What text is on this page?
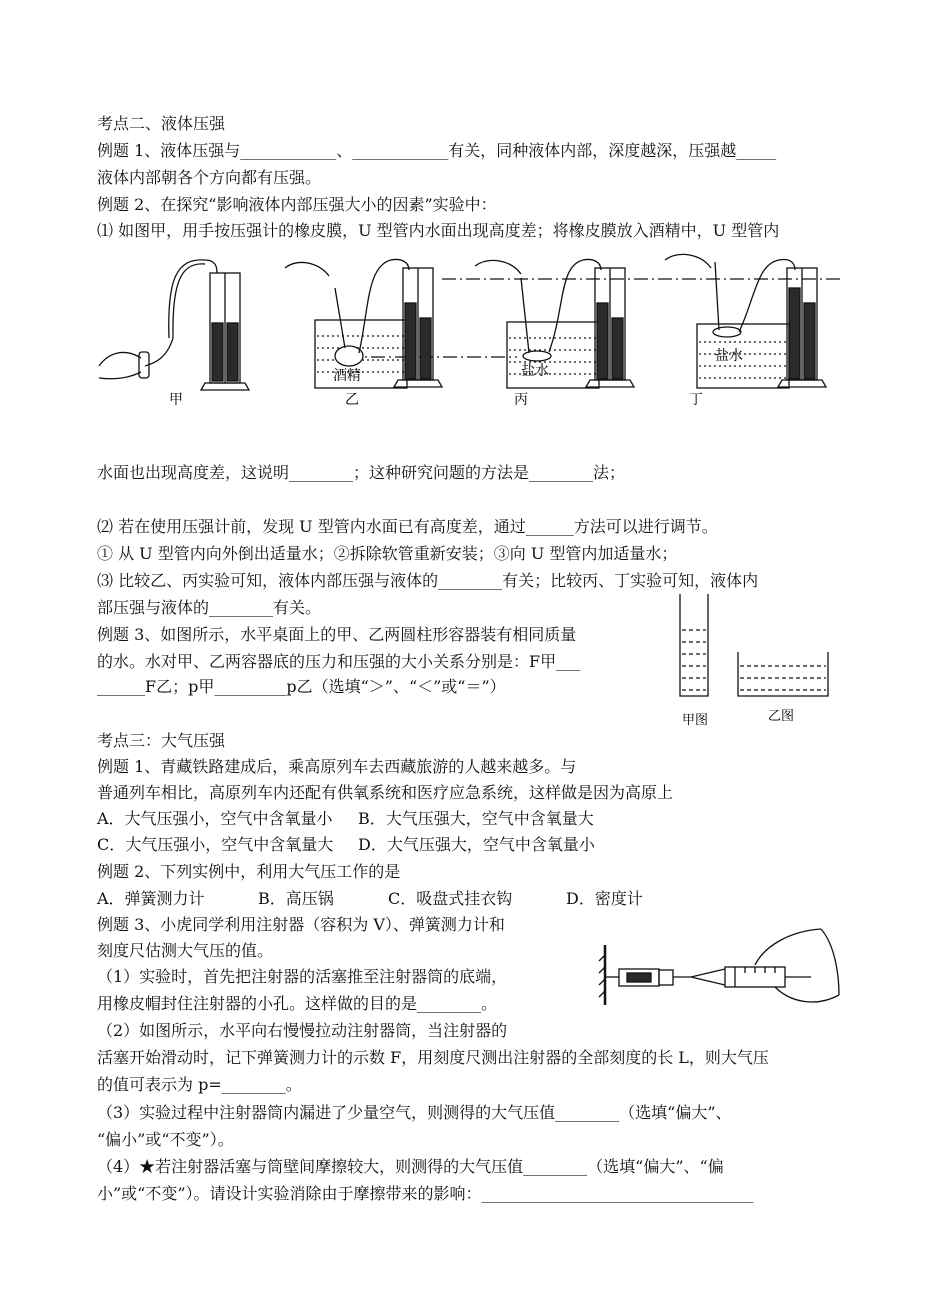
考点二、液体压强
例题 1、液体压强与____________、____________有关，同种液体内部，深度越深，压强越_____
液体内部朝各个方向都有压强。
例题 2、在探究“影响液体内部压强大小的因素”实验中：
⑴ 如图甲，用手按压强计的橡皮膜，U 型管内水面出现高度差；将橡皮膜放入酒精中，U 型管内
酒精	盐水
盐水
甲	乙	丙	丁
水面也出现高度差，这说明________；这种研究问题的方法是________法；
⑵ 若在使用压强计前，发现 U 型管内水面已有高度差，通过______方法可以进行调节。
① 从 U 型管内向外倒出适量水；②拆除软管重新安装；③向 U 型管内加适量水；
⑶ 比较乙、丙实验可知，液体内部压强与液体的________有关；比较丙、丁实验可知，液体内
部压强与液体的________有关。
例题 3、如图所示，水平桌面上的甲、乙两圆柱形容器装有相同质量
的水。水对甲、乙两容器底的压力和压强的大小关系分别是：F甲___
______F乙；p甲_________p乙（选填“＞”、“＜”或“＝”）
甲图	乙图
考点三：大气压强
例题 1、青藏铁路建成后，乘高原列车去西藏旅游的人越来越多。与
普通列车相比，高原列车内还配有供氧系统和医疗应急系统，这样做是因为高原上
A．大气压强小，空气中含氧量小 B．大气压强大，空气中含氧量大
C．大气压强小，空气中含氧量大 D．大气压强大，空气中含氧量小
例题 2、下列实例中，利用大气压工作的是
A．弹簧测力计	B．高压锅	C．吸盘式挂衣钩	D．密度计
例题 3、小虎同学利用注射器（容积为 V）、弹簧测力计和
刻度尺估测大气压的值。
（1）实验时，首先把注射器的活塞推至注射器筒的底端，
用橡皮帽封住注射器的小孔。这样做的目的是________。
（2）如图所示，水平向右慢慢拉动注射器筒，当注射器的
活塞开始滑动时，记下弹簧测力计的示数 F，用刻度尺测出注射器的全部刻度的长 L，则大气压
的值可表示为 p=________。
（3）实验过程中注射器筒内漏进了少量空气，则测得的大气压值________（选填“偏大”、
“偏小”或“不变”）。
（4）★若注射器活塞与筒壁间摩擦较大，则测得的大气压值________（选填“偏大”、“偏
小”或“不变”）。请设计实验消除由于摩擦带来的影响：__________________________________
